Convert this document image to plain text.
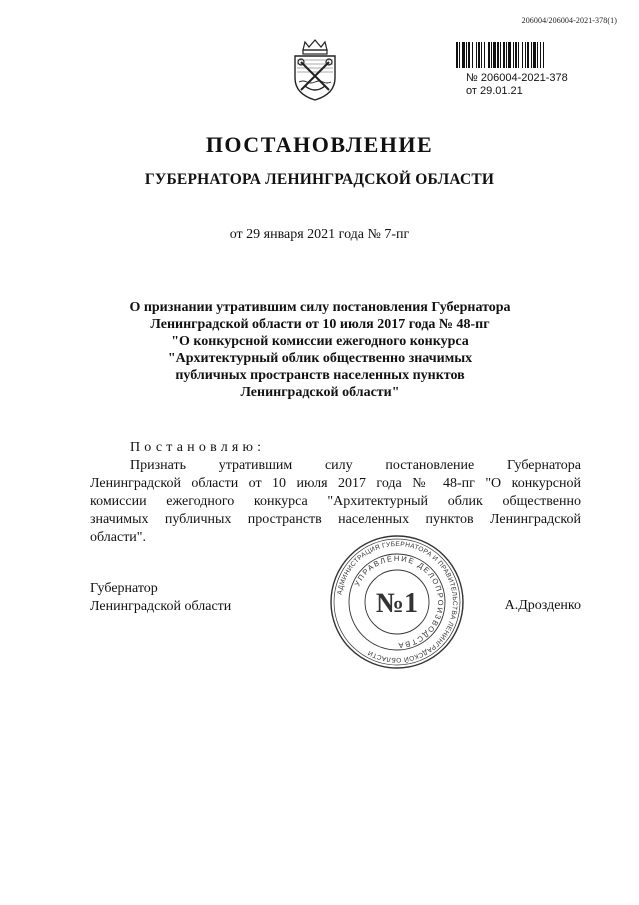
206004/206004-2021-378(1)
№ 206004-2021-378
от 29.01.21
ПОСТАНОВЛЕНИЕ
ГУБЕРНАТОРА ЛЕНИНГРАДСКОЙ ОБЛАСТИ
от 29 января 2021 года № 7-пг
О признании утратившим силу постановления Губернатора
Ленинградской области от 10 июля 2017 года № 48-пг
"О конкурсной комиссии ежегодного конкурса
"Архитектурный облик общественно значимых
публичных пространств населенных пунктов
Ленинградской области"
Постановляю:
Признать утратившим силу постановление Губернатора
Ленинградской области от 10 июля 2017 года № 48-пг "О конкурсной
комиссии ежегодного конкурса "Архитектурный облик общественно
значимых публичных пространств населенных пунктов Ленинградской
области".
Губернатор
Ленинградской области	А.Дрозденко
АДМИНИСТРАЦИЯ ГУБЕРНАТОРА И ПРАВИТЕЛЬСТВА ЛЕНИНГРАДСКОЙ ОБЛАСТИ
УПРАВЛЕНИЕ ДЕЛОПРОИЗВОДСТВА
№1
